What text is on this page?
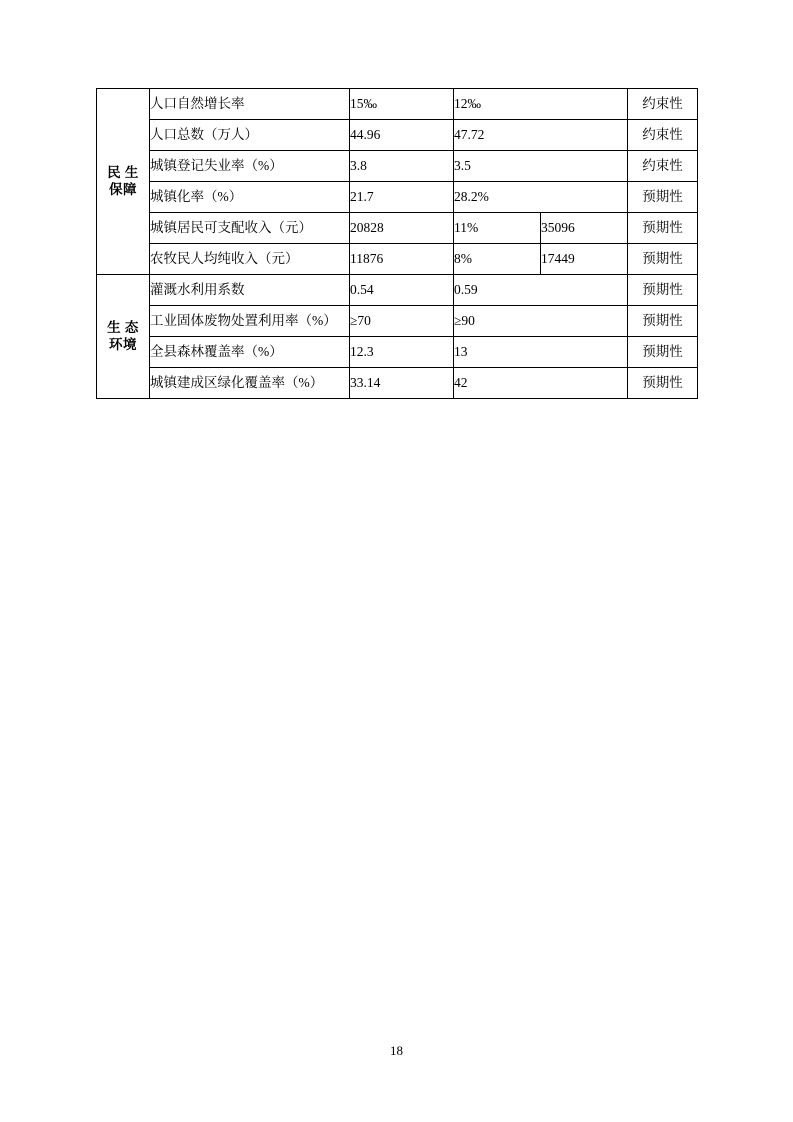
民 生
保障	人口自然增长率	15‰	12‰		约束性
	人口总数（万人）	44.96	47.72		约束性
	城镇登记失业率（%）	3.8	3.5		约束性
	城镇化率（%）	21.7	28.2%		预期性
	城镇居民可支配收入（元）	20828	11%	35096	预期性
	农牧民人均纯收入（元）	11876	8%	17449	预期性

生 态
环境	灌溉水利用系数	0.54	0.59		预期性
	工业固体废物处置利用率（%）	≥70	≥90		预期性
	全县森林覆盖率（%）	12.3	13		预期性
	城镇建成区绿化覆盖率（%）	33.14	42		预期性
18
